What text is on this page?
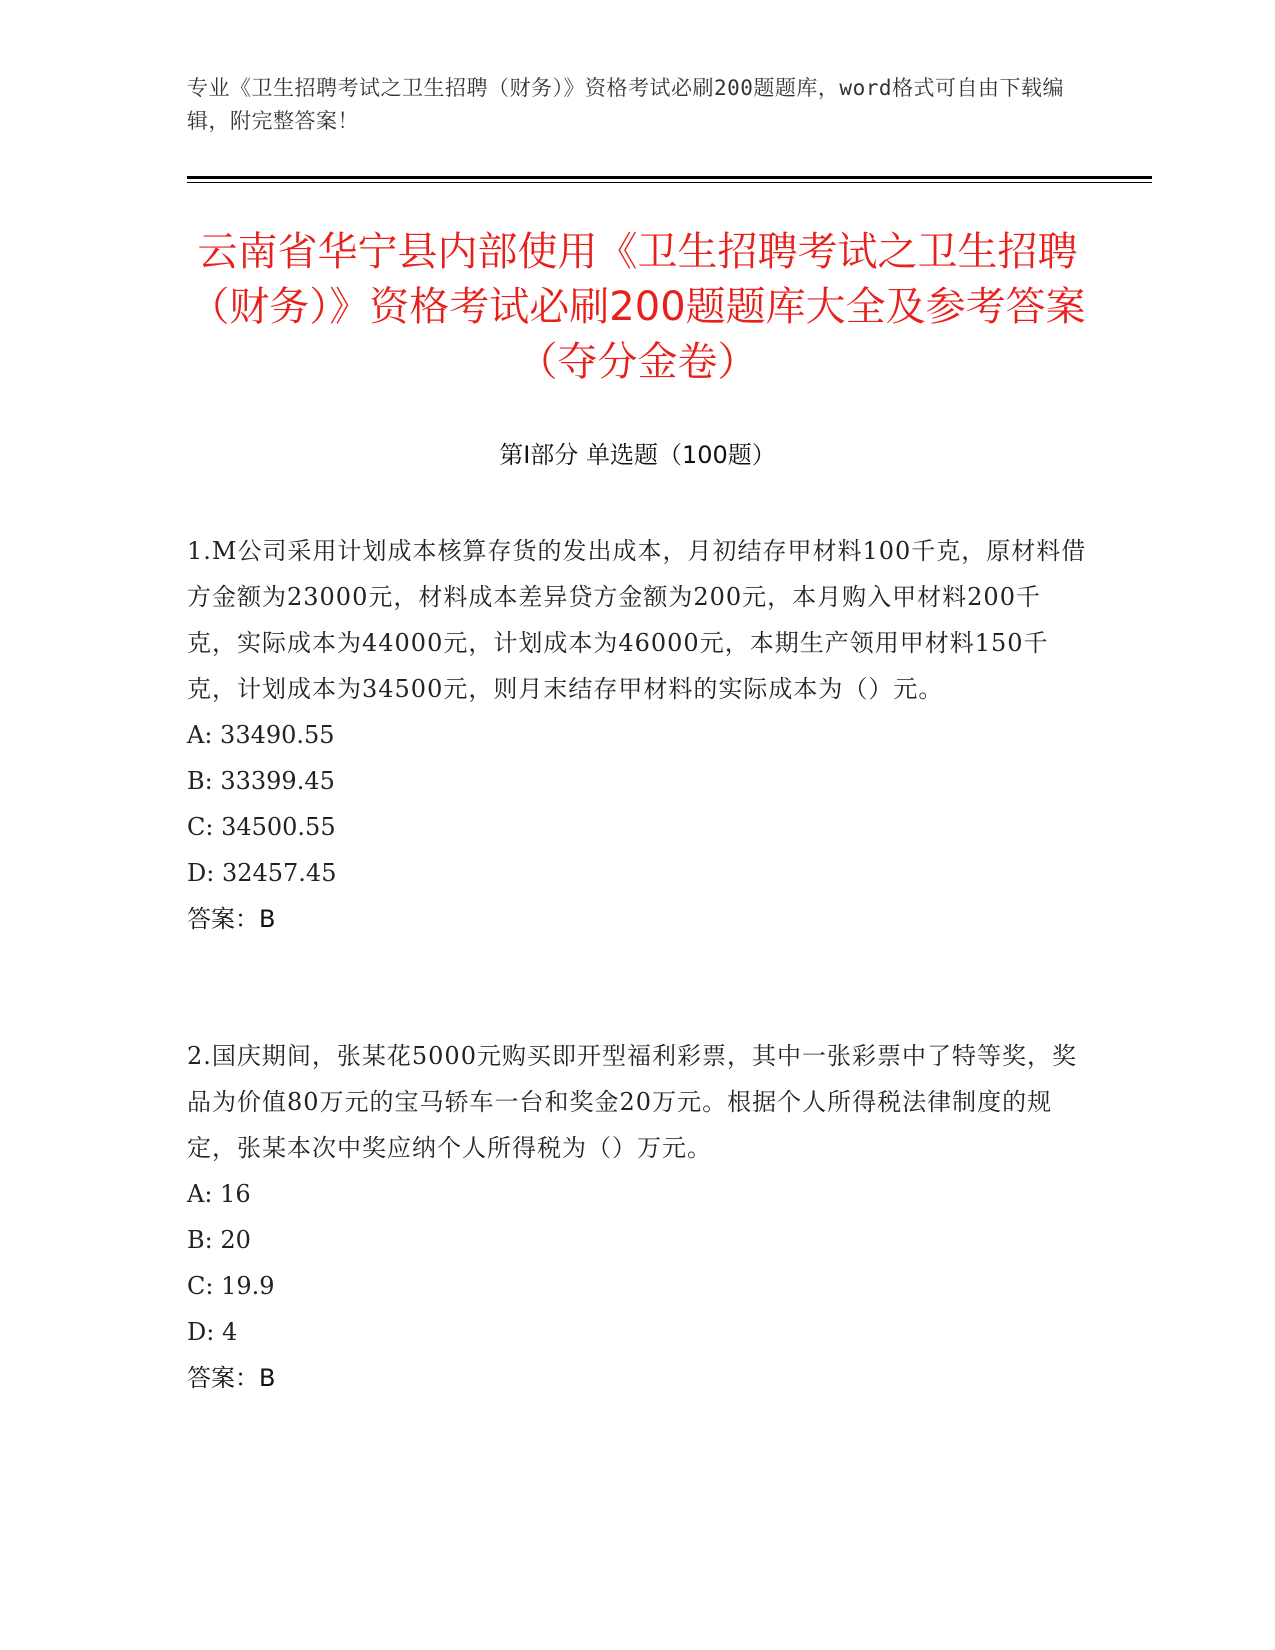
专业《卫生招聘考试之卫生招聘（财务）》资格考试必刷200题题库，word格式可自由下载编辑，附完整答案！
云南省华宁县内部使用《卫生招聘考试之卫生招聘（财务）》资格考试必刷200题题库大全及参考答案（夺分金卷）
第I部分 单选题（100题）
1.M公司采用计划成本核算存货的发出成本，月初结存甲材料100千克，原材料借方金额为23000元，材料成本差异贷方金额为200元，本月购入甲材料200千克，实际成本为44000元，计划成本为46000元，本期生产领用甲材料150千克，计划成本为34500元，则月末结存甲材料的实际成本为（）元。
A: 33490.55
B: 33399.45
C: 34500.55
D: 32457.45
答案：B
2.国庆期间，张某花5000元购买即开型福利彩票，其中一张彩票中了特等奖，奖品为价值80万元的宝马轿车一台和奖金20万元。根据个人所得税法律制度的规定，张某本次中奖应纳个人所得税为（）万元。
A: 16
B: 20
C: 19.9
D: 4
答案：B
